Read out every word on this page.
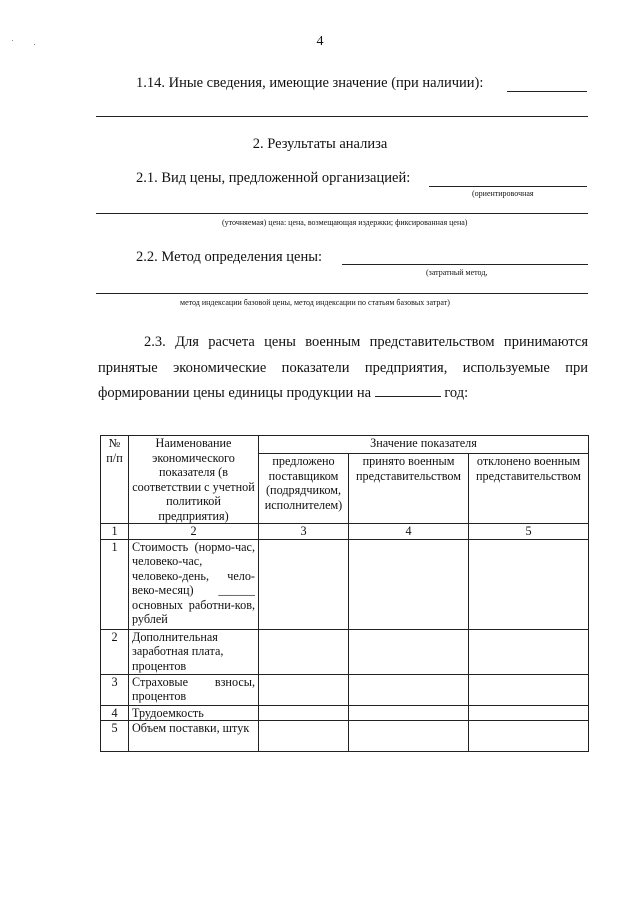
4
1.14. Иные сведения, имеющие значение (при наличии):
2. Результаты анализа
2.1. Вид цены, предложенной организацией:
(ориентировочная
(уточняемая) цена: цена, возмещающая издержки; фиксированная цена)
2.2. Метод определения цены:
(затратный метод,
метод индексации базовой цены, метод индексации по статьям базовых затрат)
2.3. Для расчета цены военным представительством принимаются принятые экономические показатели предприятия, используемые при формировании цены единицы продукции на	год:
№ п/п	Наименование экономического показателя (в соответствии с учетной политикой предприятия)	Значение показателя		
		предложено поставщиком (подрядчиком, исполнителем)	принято военным представительством	отклонено военным представительством
1	2	3	4	5
1	Стоимость (нормо-час, человеко-час, человеко-день, чело-веко-месяц) ______ основных работни-ков, рублей			
2	Дополнительная заработная плата, процентов			
3	Страховые взносы, процентов			
4	Трудоемкость			
5	Объем поставки, штук			
